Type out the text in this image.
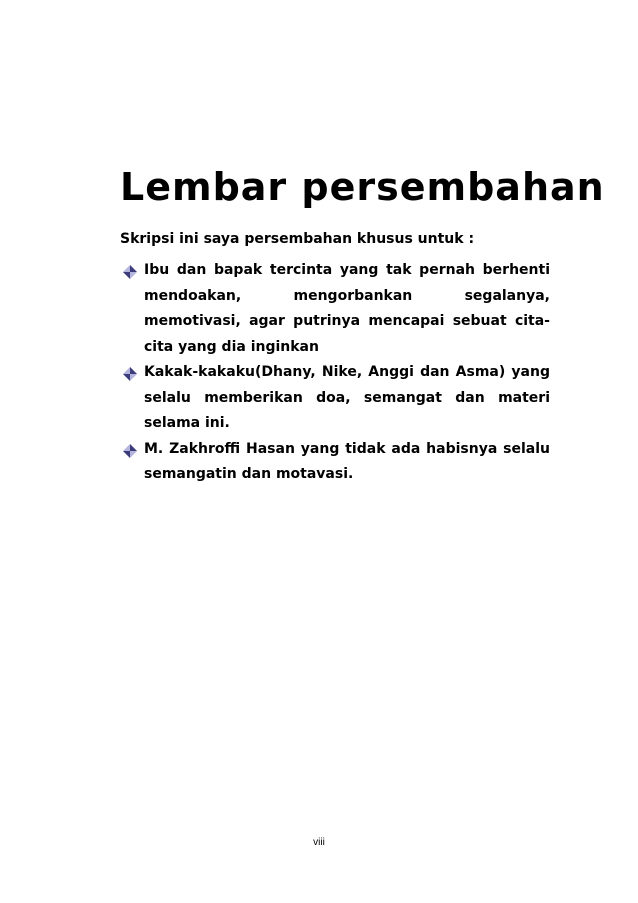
Lembar persembahan

Skripsi ini saya persembahan khusus untuk :

Ibu dan bapak tercinta yang tak pernah berhenti mendoakan, mengorbankan segalanya, memotivasi, agar putrinya mencapai sebuat cita-cita yang dia inginkan
Kakak-kakaku(Dhany, Nike, Anggi dan Asma) yang selalu memberikan doa, semangat dan materi selama ini.
M. Zakhroffi Hasan yang tidak ada habisnya selalu semangatin dan motavasi.
viii
